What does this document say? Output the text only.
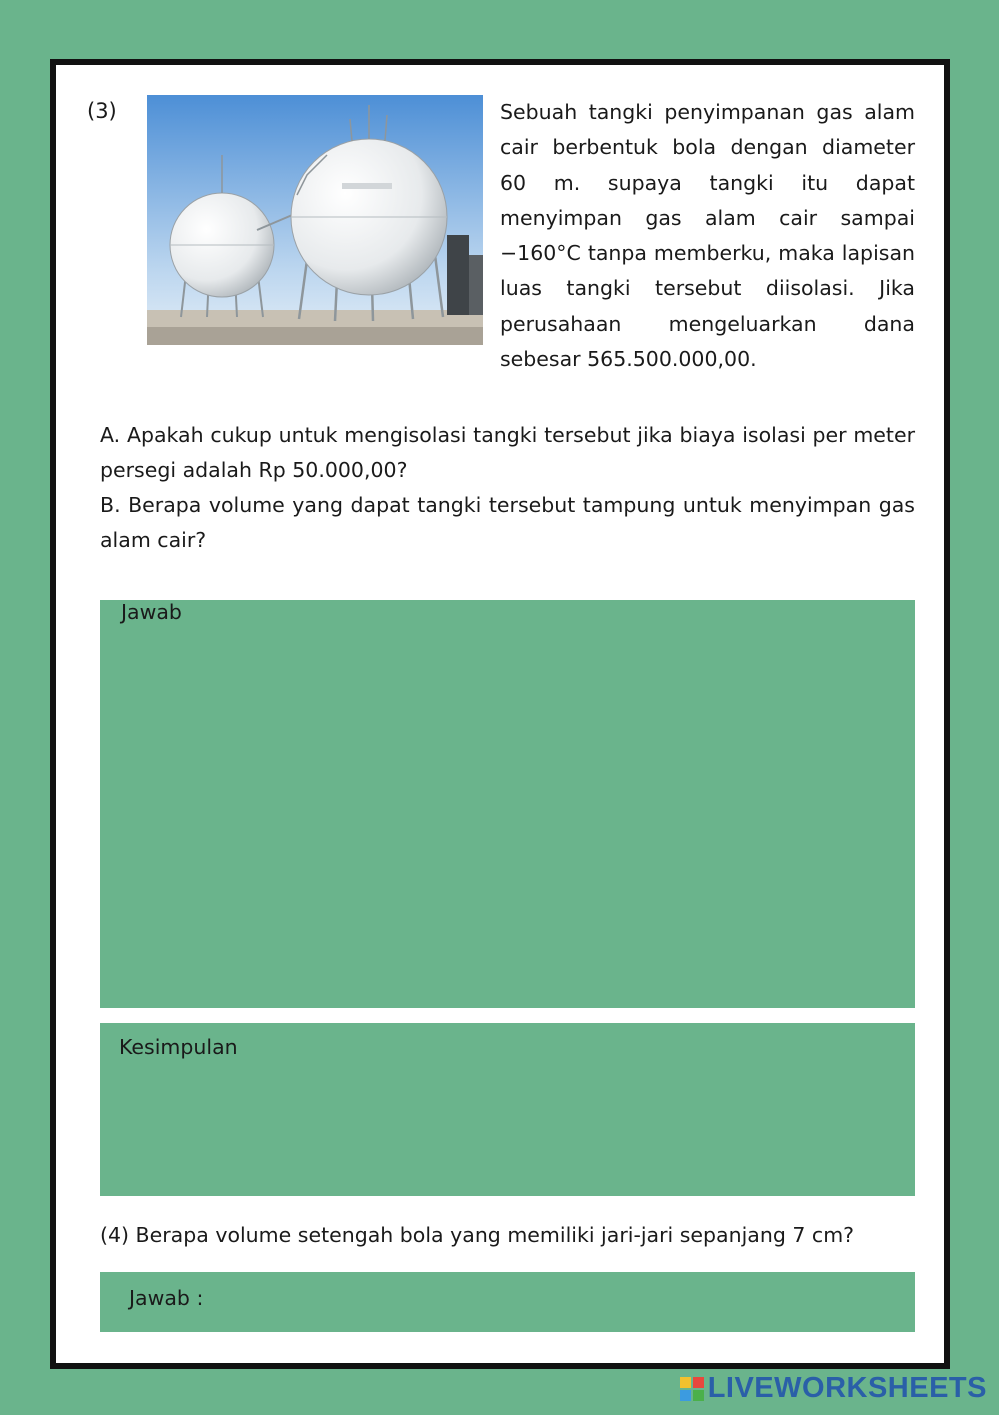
(3)	Sebuah tangki penyimpanan gas alam cair berbentuk bola dengan diameter 60 m. supaya tangki itu dapat menyimpan gas alam cair sampai −160°C tanpa memberku, maka lapisan luas tangki tersebut diisolasi. Jika perusahaan mengeluarkan dana sebesar 565.500.000,00.
A. Apakah cukup untuk mengisolasi tangki tersebut jika biaya isolasi per meter persegi adalah Rp 50.000,00?
B. Berapa volume yang dapat tangki tersebut tampung untuk menyimpan gas alam cair?
Jawab
Kesimpulan
(4) Berapa volume setengah bola yang memiliki jari-jari sepanjang 7 cm?
Jawab :
LIVEWORKSHEETS
